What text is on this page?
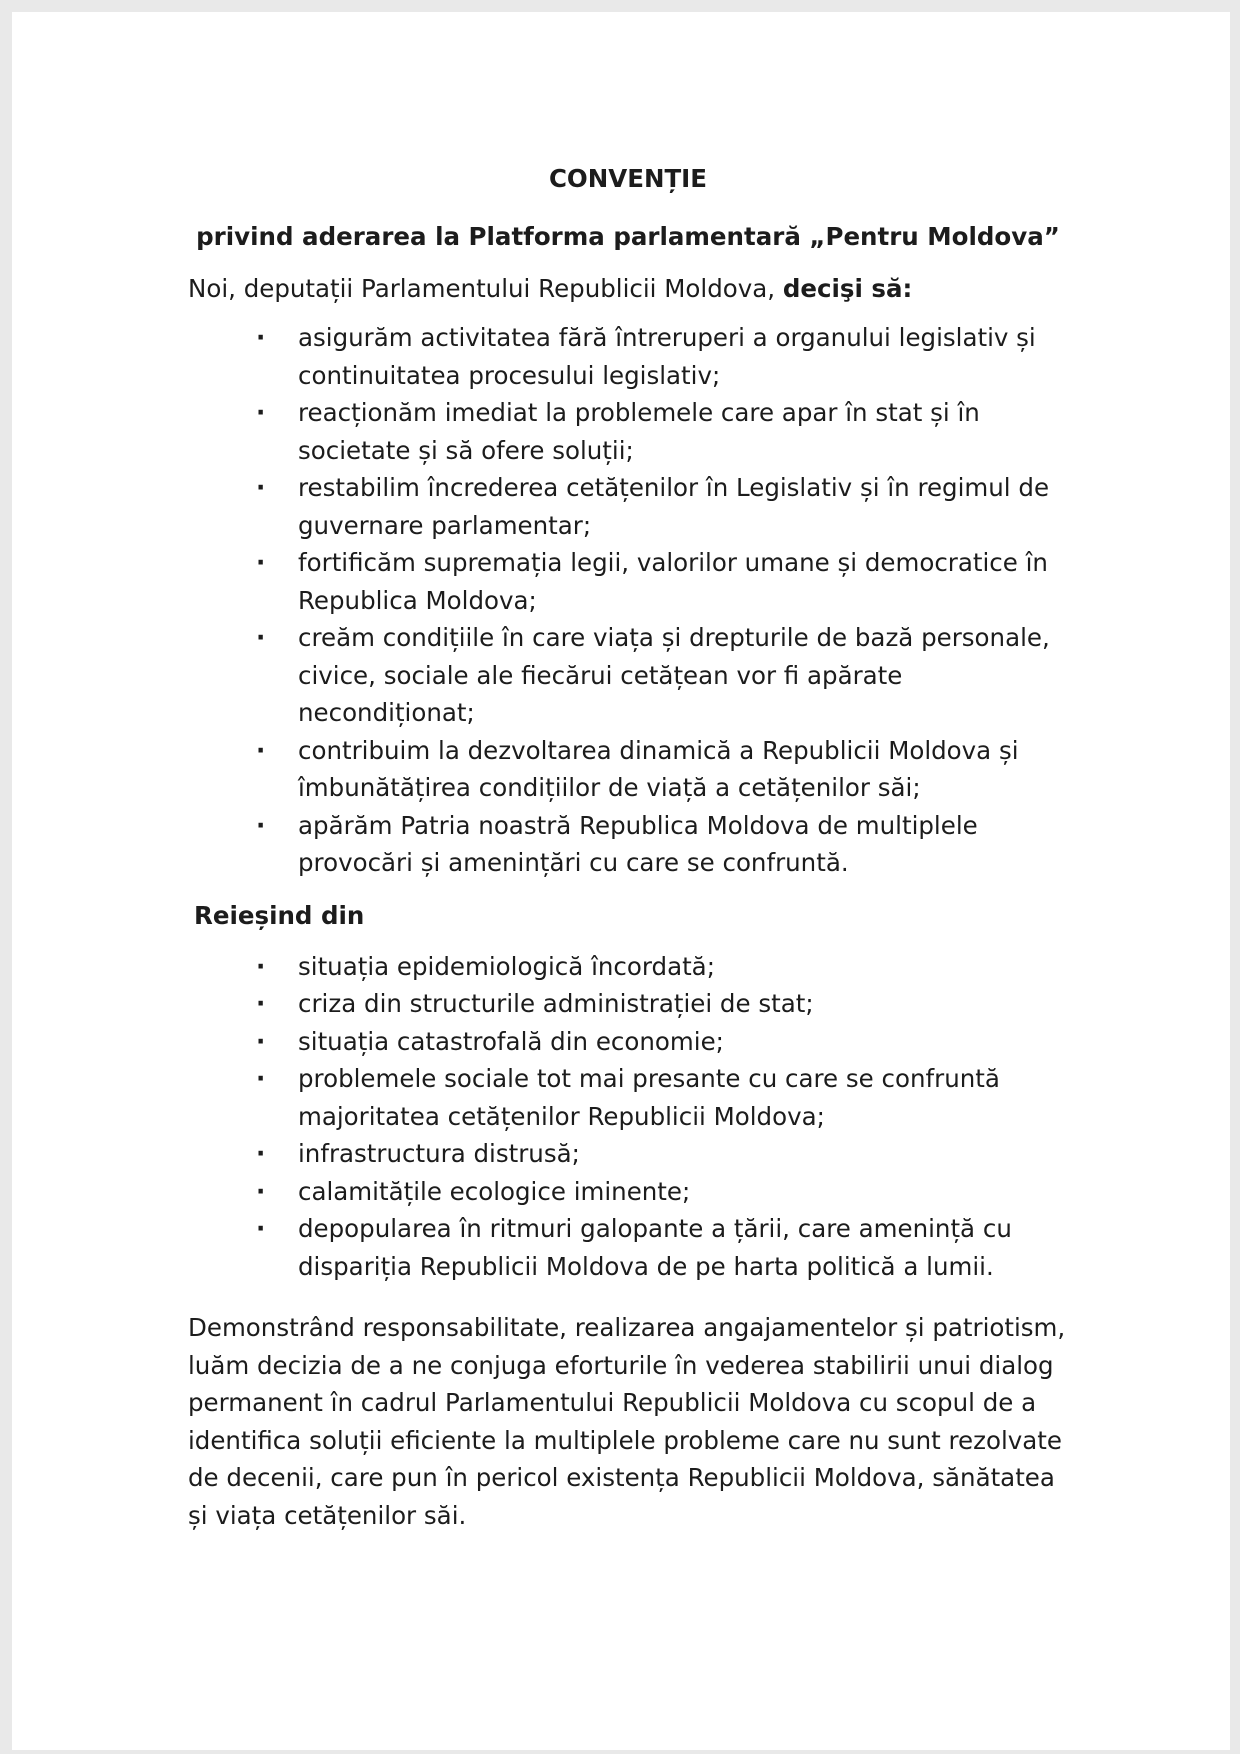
CONVENȚIE
privind aderarea la Platforma parlamentară „Pentru Moldova”
Noi, deputații Parlamentului Republicii Moldova, decişi să:
· asigurăm activitatea fără întreruperi a organului legislativ și continuitatea procesului legislativ;
· reacționăm imediat la problemele care apar în stat și în societate și să ofere soluții;
· restabilim încrederea cetățenilor în Legislativ și în regimul de guvernare parlamentar;
· fortificăm supremația legii, valorilor umane și democratice în Republica Moldova;
· creăm condițiile în care viața și drepturile de bază personale, civice, sociale ale fiecărui cetățean vor fi apărate necondiționat;
· contribuim la dezvoltarea dinamică a Republicii Moldova și îmbunătățirea condițiilor de viață a cetățenilor săi;
· apărăm Patria noastră Republica Moldova de multiplele provocări și amenințări cu care se confruntă.
Reieșind din
· situația epidemiologică încordată;
· criza din structurile administrației de stat;
· situația catastrofală din economie;
· problemele sociale tot mai presante cu care se confruntă majoritatea cetățenilor Republicii Moldova;
· infrastructura distrusă;
· calamitățile ecologice iminente;
· depopularea în ritmuri galopante a țării, care amenință cu dispariția Republicii Moldova de pe harta politică a lumii.
Demonstrând responsabilitate, realizarea angajamentelor și patriotism, luăm decizia de a ne conjuga eforturile în vederea stabilirii unui dialog permanent în cadrul Parlamentului Republicii Moldova cu scopul de a identifica soluții eficiente la multiplele probleme care nu sunt rezolvate de decenii, care pun în pericol existența Republicii Moldova, sănătatea și viața cetățenilor săi.
